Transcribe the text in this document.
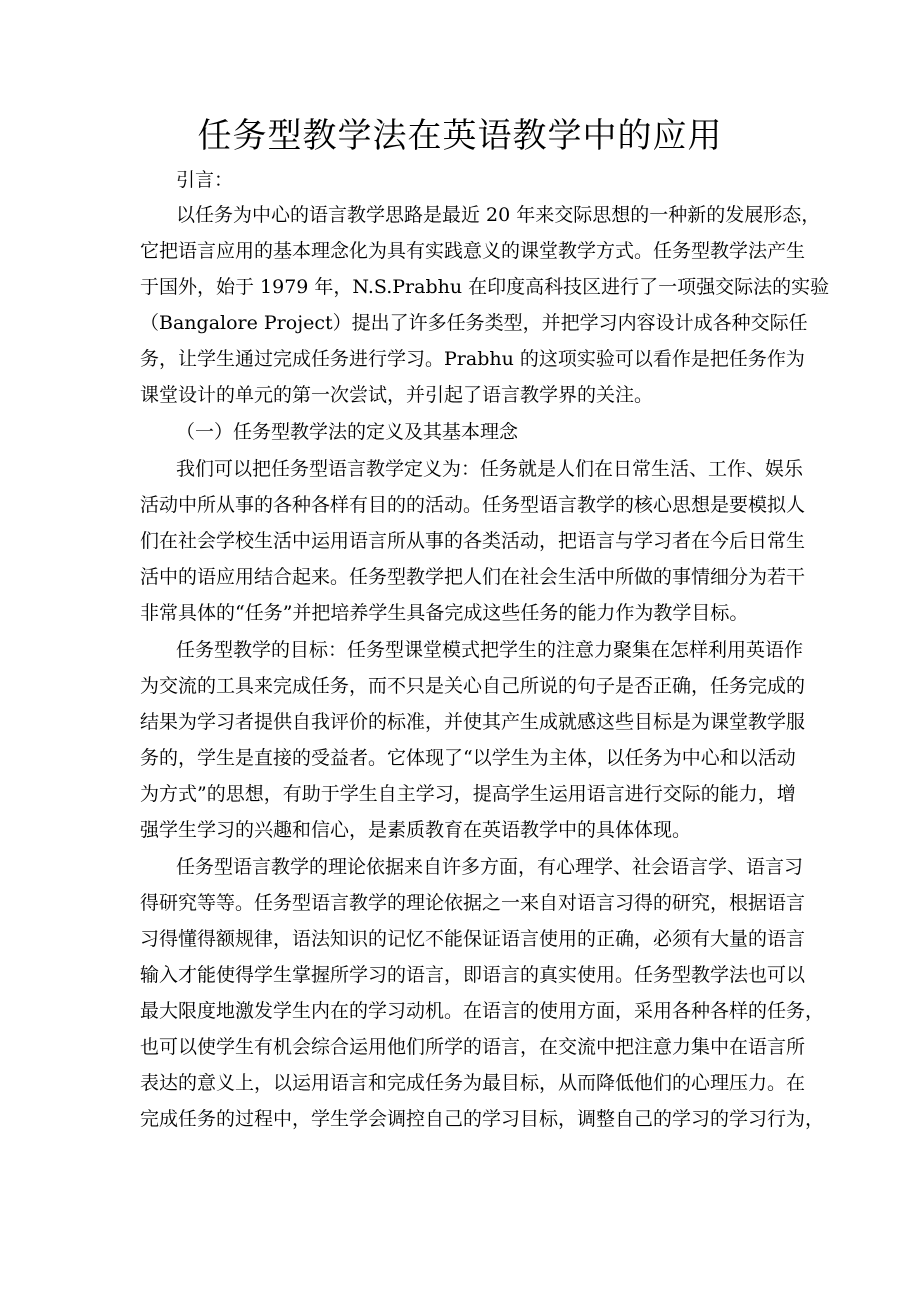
任务型教学法在英语教学中的应用
引言：
以任务为中心的语言教学思路是最近 20 年来交际思想的一种新的发展形态，
它把语言应用的基本理念化为具有实践意义的课堂教学方式。任务型教学法产生
于国外，始于 1979 年，N.S.Prabhu 在印度高科技区进行了一项强交际法的实验
（Bangalore Project）提出了许多任务类型，并把学习内容设计成各种交际任
务，让学生通过完成任务进行学习。Prabhu 的这项实验可以看作是把任务作为
课堂设计的单元的第一次尝试，并引起了语言教学界的关注。
（一）任务型教学法的定义及其基本理念
我们可以把任务型语言教学定义为：任务就是人们在日常生活、工作、娱乐
活动中所从事的各种各样有目的的活动。任务型语言教学的核心思想是要模拟人
们在社会学校生活中运用语言所从事的各类活动，把语言与学习者在今后日常生
活中的语应用结合起来。任务型教学把人们在社会生活中所做的事情细分为若干
非常具体的“任务”并把培养学生具备完成这些任务的能力作为教学目标。
任务型教学的目标：任务型课堂模式把学生的注意力聚集在怎样利用英语作
为交流的工具来完成任务，而不只是关心自己所说的句子是否正确，任务完成的
结果为学习者提供自我评价的标准，并使其产生成就感这些目标是为课堂教学服
务的，学生是直接的受益者。它体现了“以学生为主体，以任务为中心和以活动
为方式”的思想，有助于学生自主学习，提高学生运用语言进行交际的能力，增
强学生学习的兴趣和信心，是素质教育在英语教学中的具体体现。
任务型语言教学的理论依据来自许多方面，有心理学、社会语言学、语言习
得研究等等。任务型语言教学的理论依据之一来自对语言习得的研究，根据语言
习得懂得额规律，语法知识的记忆不能保证语言使用的正确，必须有大量的语言
输入才能使得学生掌握所学习的语言，即语言的真实使用。任务型教学法也可以
最大限度地激发学生内在的学习动机。在语言的使用方面，采用各种各样的任务，
也可以使学生有机会综合运用他们所学的语言，在交流中把注意力集中在语言所
表达的意义上，以运用语言和完成任务为最目标，从而降低他们的心理压力。在
完成任务的过程中，学生学会调控自己的学习目标，调整自己的学习的学习行为，
